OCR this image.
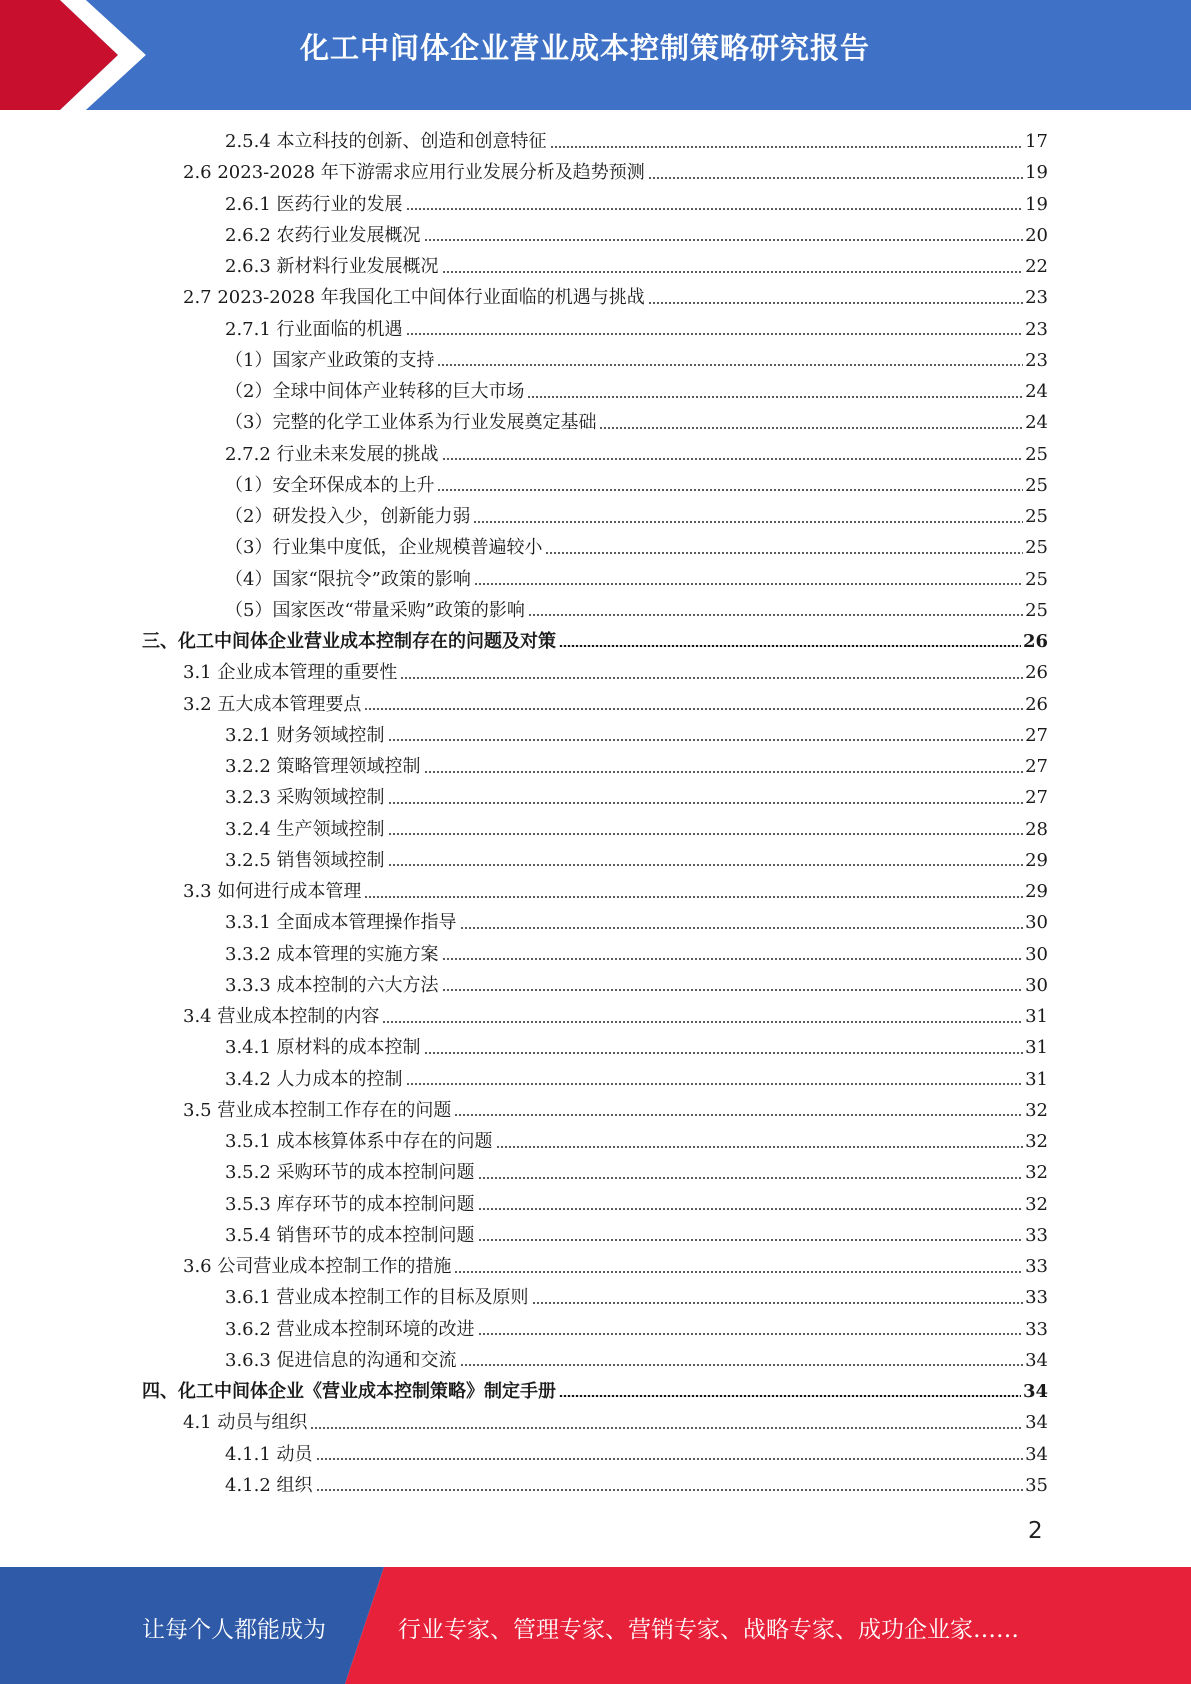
化工中间体企业营业成本控制策略研究报告
2.5.4 本立科技的创新、创造和创意特征	17
2.6 2023-2028 年下游需求应用行业发展分析及趋势预测	19
2.6.1 医药行业的发展	19
2.6.2 农药行业发展概况	20
2.6.3 新材料行业发展概况	22
2.7 2023-2028 年我国化工中间体行业面临的机遇与挑战	23
2.7.1 行业面临的机遇	23
（1）国家产业政策的支持	23
（2）全球中间体产业转移的巨大市场	24
（3）完整的化学工业体系为行业发展奠定基础	24
2.7.2 行业未来发展的挑战	25
（1）安全环保成本的上升	25
（2）研发投入少，创新能力弱	25
（3）行业集中度低，企业规模普遍较小	25
（4）国家“限抗令”政策的影响	25
（5）国家医改“带量采购”政策的影响	25
三、化工中间体企业营业成本控制存在的问题及对策	26
3.1 企业成本管理的重要性	26
3.2 五大成本管理要点	26
3.2.1 财务领域控制	27
3.2.2 策略管理领域控制	27
3.2.3 采购领域控制	27
3.2.4 生产领域控制	28
3.2.5 销售领域控制	29
3.3 如何进行成本管理	29
3.3.1 全面成本管理操作指导	30
3.3.2 成本管理的实施方案	30
3.3.3 成本控制的六大方法	30
3.4 营业成本控制的内容	31
3.4.1 原材料的成本控制	31
3.4.2 人力成本的控制	31
3.5 营业成本控制工作存在的问题	32
3.5.1 成本核算体系中存在的问题	32
3.5.2 采购环节的成本控制问题	32
3.5.3 库存环节的成本控制问题	32
3.5.4 销售环节的成本控制问题	33
3.6 公司营业成本控制工作的措施	33
3.6.1 营业成本控制工作的目标及原则	33
3.6.2 营业成本控制环境的改进	33
3.6.3 促进信息的沟通和交流	34
四、化工中间体企业《营业成本控制策略》制定手册	34
4.1 动员与组织	34
4.1.1 动员	34
4.1.2 组织	35
2
让每个人都能成为	行业专家、管理专家、营销专家、战略专家、成功企业家……
